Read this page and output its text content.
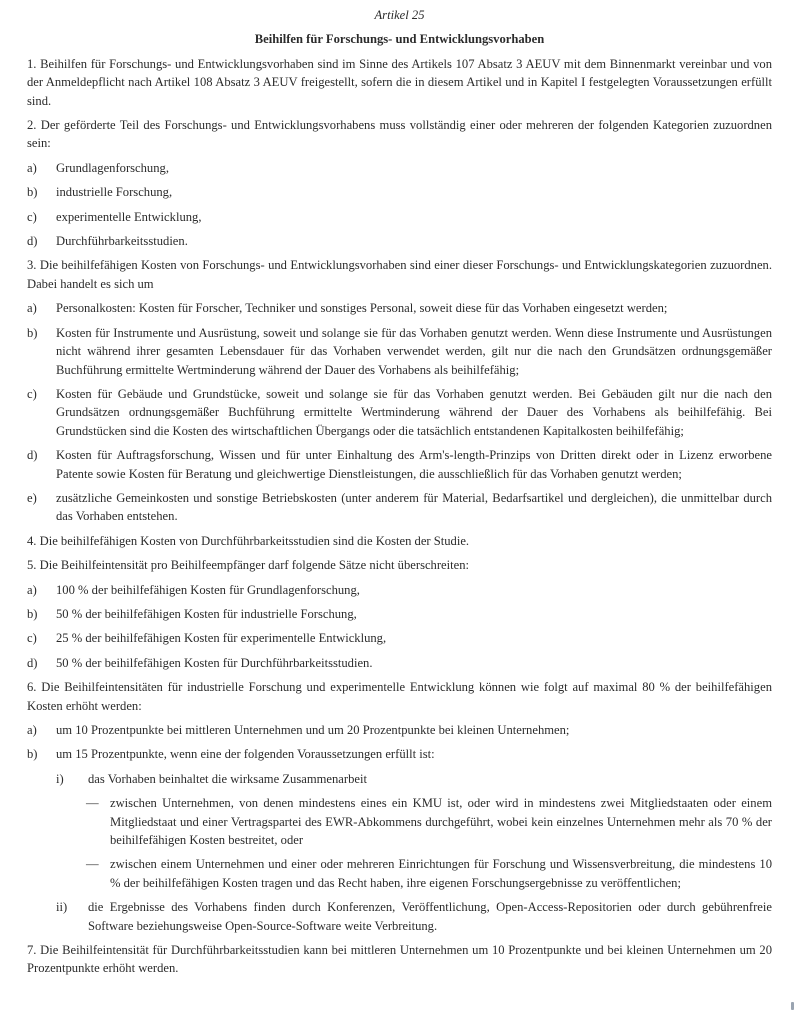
Artikel 25
Beihilfen für Forschungs- und Entwicklungsvorhaben

1. Beihilfen für Forschungs- und Entwicklungsvorhaben sind im Sinne des Artikels 107 Absatz 3 AEUV mit dem Binnenmarkt vereinbar und von der Anmeldepflicht nach Artikel 108 Absatz 3 AEUV freigestellt, sofern die in diesem Artikel und in Kapitel I festgelegten Voraussetzungen erfüllt sind.

2. Der geförderte Teil des Forschungs- und Entwicklungsvorhabens muss vollständig einer oder mehreren der folgenden Kategorien zuzuordnen sein:

a)	Grundlagenforschung,
b)	industrielle Forschung,
c)	experimentelle Entwicklung,
d)	Durchführbarkeitsstudien.

3. Die beihilfefähigen Kosten von Forschungs- und Entwicklungsvorhaben sind einer dieser Forschungs- und Entwicklungskategorien zuzuordnen. Dabei handelt es sich um

a)	Personalkosten: Kosten für Forscher, Techniker und sonstiges Personal, soweit diese für das Vorhaben eingesetzt werden;
b)	Kosten für Instrumente und Ausrüstung, soweit und solange sie für das Vorhaben genutzt werden. Wenn diese Instrumente und Ausrüstungen nicht während ihrer gesamten Lebensdauer für das Vorhaben verwendet werden, gilt nur die nach den Grundsätzen ordnungsgemäßer Buchführung ermittelte Wertminderung während der Dauer des Vorhabens als beihilfefähig;
c)	Kosten für Gebäude und Grundstücke, soweit und solange sie für das Vorhaben genutzt werden. Bei Gebäuden gilt nur die nach den Grundsätzen ordnungsgemäßer Buchführung ermittelte Wertminderung während der Dauer des Vorhabens als beihilfefähig. Bei Grundstücken sind die Kosten des wirtschaftlichen Übergangs oder die tatsächlich entstandenen Kapitalkosten beihilfefähig;
d)	Kosten für Auftragsforschung, Wissen und für unter Einhaltung des Arm's-length-Prinzips von Dritten direkt oder in Lizenz erworbene Patente sowie Kosten für Beratung und gleichwertige Dienstleistungen, die ausschließlich für das Vorhaben genutzt werden;
e)	zusätzliche Gemeinkosten und sonstige Betriebskosten (unter anderem für Material, Bedarfsartikel und dergleichen), die unmittelbar durch das Vorhaben entstehen.

4. Die beihilfefähigen Kosten von Durchführbarkeitsstudien sind die Kosten der Studie.

5. Die Beihilfeintensität pro Beihilfeempfänger darf folgende Sätze nicht überschreiten:

a)	100 % der beihilfefähigen Kosten für Grundlagenforschung,
b)	50 % der beihilfefähigen Kosten für industrielle Forschung,
c)	25 % der beihilfefähigen Kosten für experimentelle Entwicklung,
d)	50 % der beihilfefähigen Kosten für Durchführbarkeitsstudien.

6. Die Beihilfeintensitäten für industrielle Forschung und experimentelle Entwicklung können wie folgt auf maximal 80 % der beihilfefähigen Kosten erhöht werden:

a)	um 10 Prozentpunkte bei mittleren Unternehmen und um 20 Prozentpunkte bei kleinen Unternehmen;
b)	um 15 Prozentpunkte, wenn eine der folgenden Voraussetzungen erfüllt ist:
i)	das Vorhaben beinhaltet die wirksame Zusammenarbeit
— zwischen Unternehmen, von denen mindestens eines ein KMU ist, oder wird in mindestens zwei Mitgliedstaaten oder einem Mitgliedstaat und einer Vertragspartei des EWR-Abkommens durchgeführt, wobei kein einzelnes Unternehmen mehr als 70 % der beihilfefähigen Kosten bestreitet, oder
— zwischen einem Unternehmen und einer oder mehreren Einrichtungen für Forschung und Wissensverbreitung, die mindestens 10 % der beihilfefähigen Kosten tragen und das Recht haben, ihre eigenen Forschungsergebnisse zu veröffentlichen;
ii)	die Ergebnisse des Vorhabens finden durch Konferenzen, Veröffentlichung, Open-Access-Repositorien oder durch gebührenfreie Software beziehungsweise Open-Source-Software weite Verbreitung.

7. Die Beihilfeintensität für Durchführbarkeitsstudien kann bei mittleren Unternehmen um 10 Prozentpunkte und bei kleinen Unternehmen um 20 Prozentpunkte erhöht werden.
